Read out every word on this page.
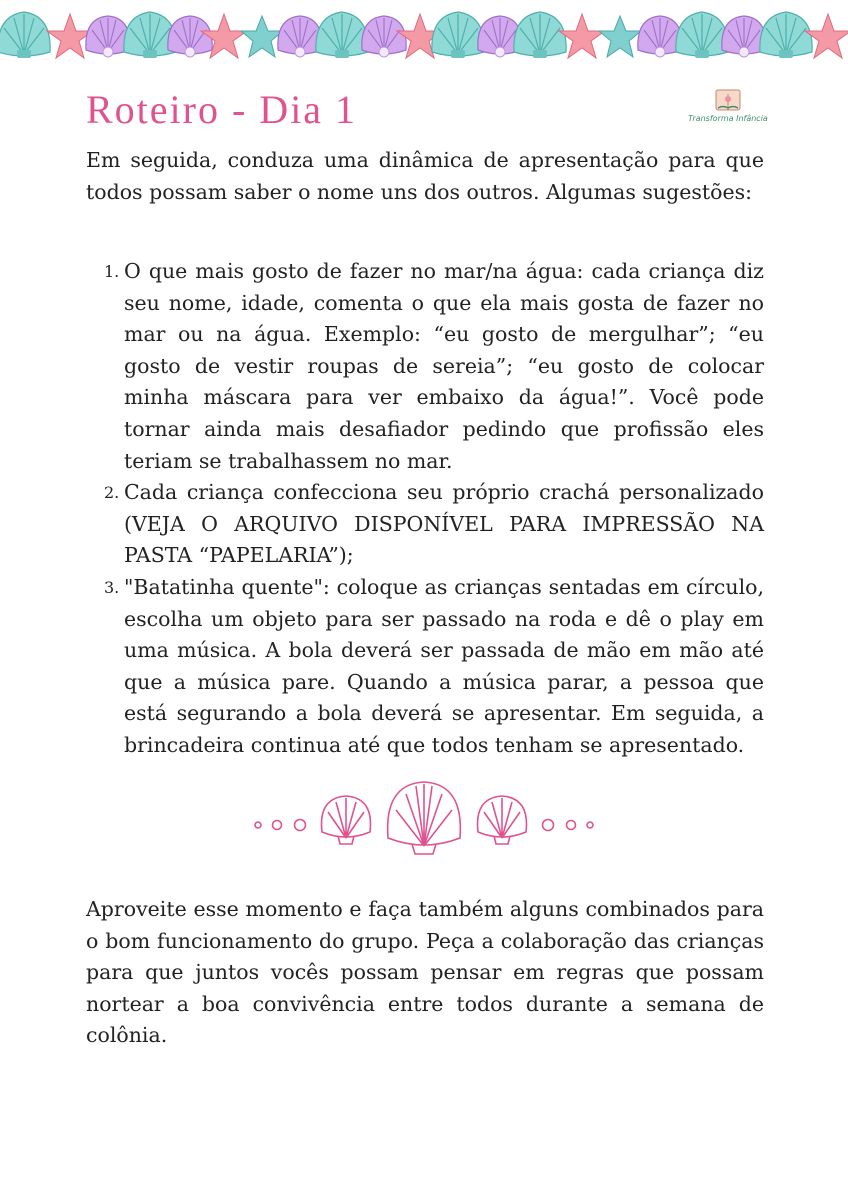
Roteiro - Dia 1	Transforma Infância

Em seguida, conduza uma dinâmica de apresentação para que todos possam saber o nome uns dos outros. Algumas sugestões:

1. O que mais gosto de fazer no mar/na água: cada criança diz seu nome, idade, comenta o que ela mais gosta de fazer no mar ou na água. Exemplo: “eu gosto de mergulhar”; “eu gosto de vestir roupas de sereia”; “eu gosto de colocar minha máscara para ver embaixo da água!”. Você pode tornar ainda mais desafiador pedindo que profissão eles teriam se trabalhassem no mar.
2. Cada criança confecciona seu próprio crachá personalizado (VEJA O ARQUIVO DISPONÍVEL PARA IMPRESSÃO NA PASTA “PAPELARIA”);
3. "Batatinha quente": coloque as crianças sentadas em círculo, escolha um objeto para ser passado na roda e dê o play em uma música. A bola deverá ser passada de mão em mão até que a música pare. Quando a música parar, a pessoa que está segurando a bola deverá se apresentar. Em seguida, a brincadeira continua até que todos tenham se apresentado.

Aproveite esse momento e faça também alguns combinados para o bom funcionamento do grupo. Peça a colaboração das crianças para que juntos vocês possam pensar em regras que possam nortear a boa convivência entre todos durante a semana de colônia.
